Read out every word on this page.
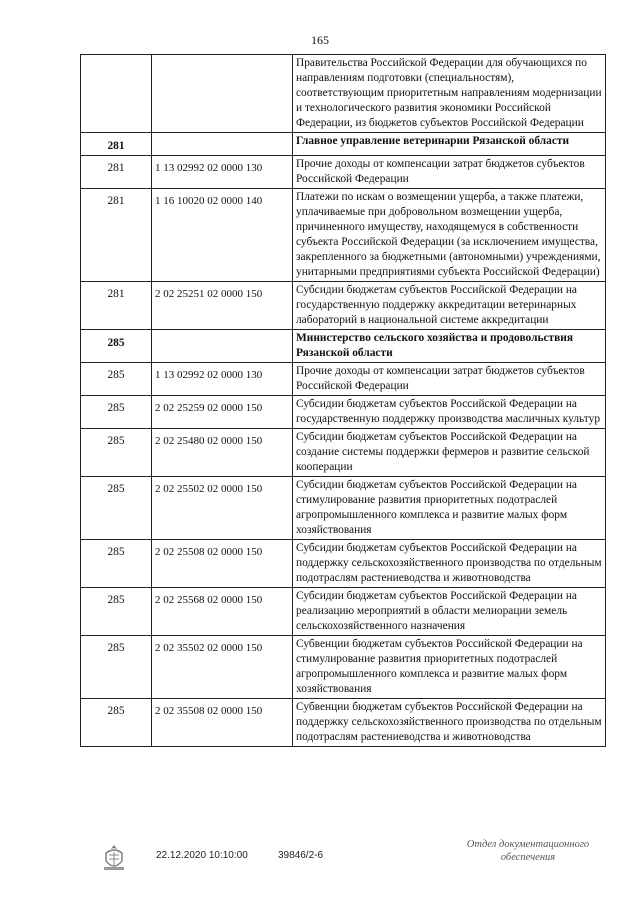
165
		Правительства Российской Федерации для обучающихся по направлениям подготовки (специальностям), соответствующим приоритетным направлениям модернизации и технологического развития экономики Российской Федерации, из бюджетов субъектов Российской Федерации
281		Главное управление ветеринарии Рязанской области
281	1 13 02992 02 0000 130	Прочие доходы от компенсации затрат бюджетов субъектов Российской Федерации
281	1 16 10020 02 0000 140	Платежи по искам о возмещении ущерба, а также платежи, уплачиваемые при добровольном возмещении ущерба, причиненного имуществу, находящемуся в собственности субъекта Российской Федерации (за исключением имущества, закрепленного за бюджетными (автономными) учреждениями, унитарными предприятиями субъекта Российской Федерации)
281	2 02 25251 02 0000 150	Субсидии бюджетам субъектов Российской Федерации на государственную поддержку аккредитации ветеринарных лабораторий в национальной системе аккредитации
285		Министерство сельского хозяйства и продовольствия Рязанской области
285	1 13 02992 02 0000 130	Прочие доходы от компенсации затрат бюджетов субъектов Российской Федерации
285	2 02 25259 02 0000 150	Субсидии бюджетам субъектов Российской Федерации на государственную поддержку производства масличных культур
285	2 02 25480 02 0000 150	Субсидии бюджетам субъектов Российской Федерации на создание системы поддержки фермеров и развитие сельской кооперации
285	2 02 25502 02 0000 150	Субсидии бюджетам субъектов Российской Федерации на стимулирование развития приоритетных подотраслей агропромышленного комплекса и развитие малых форм хозяйствования
285	2 02 25508 02 0000 150	Субсидии бюджетам субъектов Российской Федерации на поддержку сельскохозяйственного производства по отдельным подотраслям растениеводства и животноводства
285	2 02 25568 02 0000 150	Субсидии бюджетам субъектов Российской Федерации на реализацию мероприятий в области мелиорации земель сельскохозяйственного назначения
285	2 02 35502 02 0000 150	Субвенции бюджетам субъектов Российской Федерации на стимулирование развития приоритетных подотраслей агропромышленного комплекса и развитие малых форм хозяйствования
285	2 02 35508 02 0000 150	Субвенции бюджетам субъектов Российской Федерации на поддержку сельскохозяйственного производства по отдельным подотраслям растениеводства и животноводства
22.12.2020 10:10:00	39846/2-6
Отдел документационного обеспечения
